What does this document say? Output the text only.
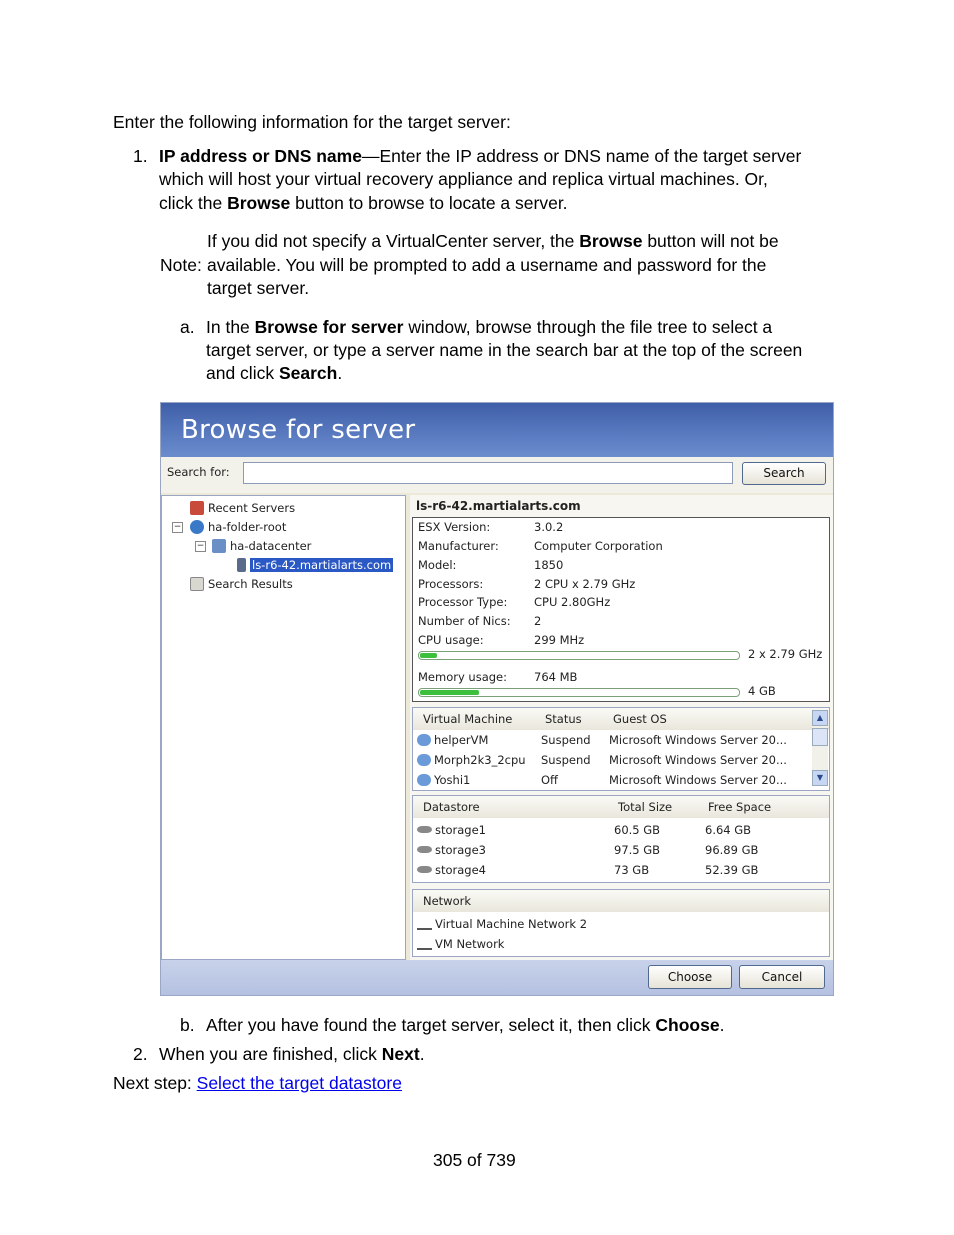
Enter the following information for the target server:
1. IP address or DNS name—Enter the IP address or DNS name of the target server
which will host your virtual recovery appliance and replica virtual machines. Or,
click the Browse button to browse to locate a server.
Note:
If you did not specify a VirtualCenter server, the Browse button will not be
available. You will be prompted to add a username and password for the
target server.
a. In the Browse for server window, browse through the file tree to select a
target server, or type a server name in the search bar at the top of the screen
and click Search.
Browse for server
Search for:	Search
Recent Servers
−	ha-folder-root
−	ha-datacenter
ls-r6-42.martialarts.com
Search Results
ls-r6-42.martialarts.com
ESX Version:	3.0.2
Manufacturer:	Computer Corporation
Model:	1850
Processors:	2 CPU x 2.79 GHz
Processor Type: CPU 2.80GHz
Number of Nics: 2
CPU usage:	299 MHz
2 x 2.79 GHz
Memory usage: 764 MB
4 GB
Virtual Machine	Status	Guest OS
helperVM	Suspend Microsoft Windows Server 20...
Morph2k3_2cpu Suspend Microsoft Windows Server 20...
Yoshi1	Off	Microsoft Windows Server 20...
▲
▼
Datastore	Total Size	Free Space
storage1	60.5 GB	6.64 GB
storage3	97.5 GB	96.89 GB
storage4	73 GB	52.39 GB
Network
Virtual Machine Network 2
VM Network
Choose	Cancel
b. After you have found the target server, select it, then click Choose.
2. When you are finished, click Next.
Next step: Select the target datastore
305 of 739
